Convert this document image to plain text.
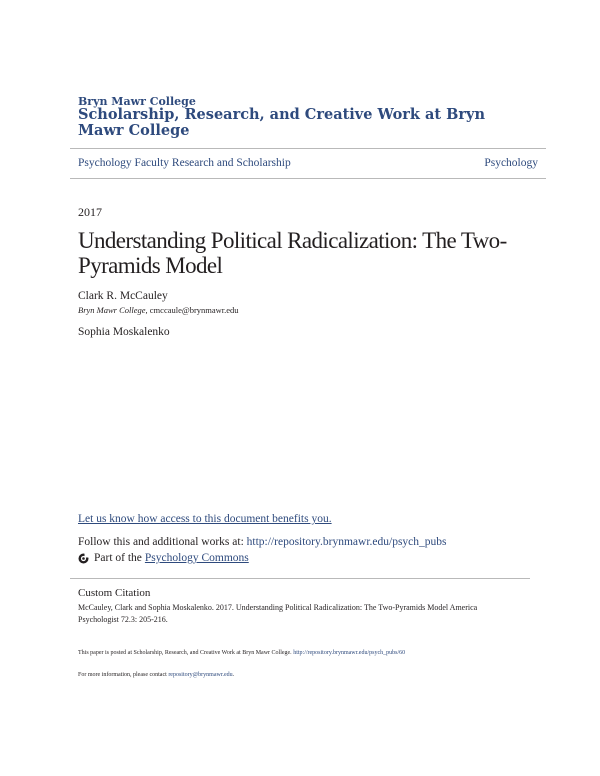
Bryn Mawr College
Scholarship, Research, and Creative Work at Bryn Mawr College
Psychology Faculty Research and Scholarship	Psychology
2017
Understanding Political Radicalization: The Two-Pyramids Model
Clark R. McCauley
Bryn Mawr College, cmccaule@brynmawr.edu
Sophia Moskalenko
Let us know how access to this document benefits you.
Follow this and additional works at: http://repository.brynmawr.edu/psych_pubs
Part of the Psychology Commons
Custom Citation
McCauley, Clark and Sophia Moskalenko. 2017. Understanding Political Radicalization: The Two-Pyramids Model America Psychologist 72.3: 205-216.
This paper is posted at Scholarship, Research, and Creative Work at Bryn Mawr College. http://repository.brynmawr.edu/psych_pubs/60
For more information, please contact repository@brynmawr.edu.
